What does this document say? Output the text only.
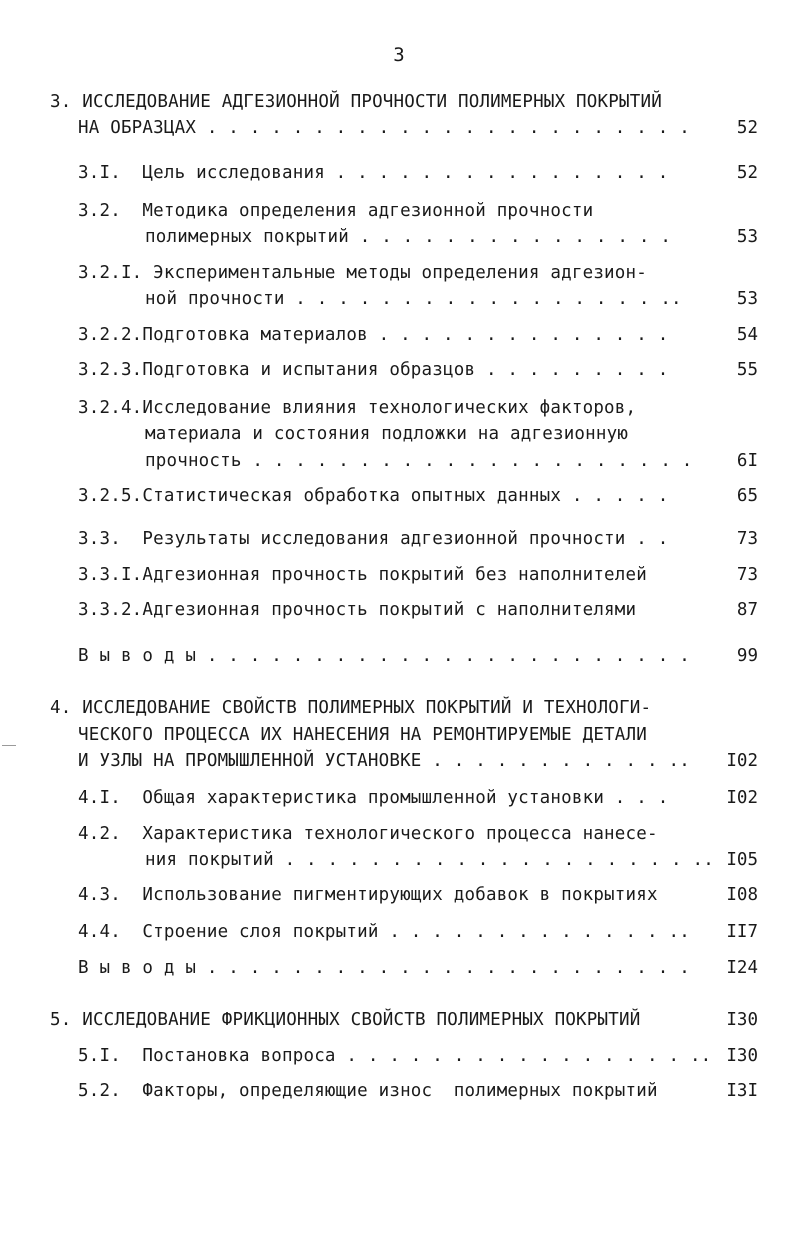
3
3. ИССЛЕДОВАНИЕ АДГЕЗИОННОЙ ПРОЧНОСТИ ПОЛИМЕРНЫХ ПОКРЫТИЙ
НА ОБРАЗЦАХ . . . . . . . . . . . . . . . . . . . . . . .	52
3.I.  Цель исследования . . . . . . . . . . . . . . . .	52
3.2.  Методика определения адгезионной прочности
полимерных покрытий . . . . . . . . . . . . . . .	53
3.2.I. Экспериментальные методы определения адгезион-
ной прочности . . . . . . . . . . . . . . . . . ..	53
3.2.2.Подготовка материалов . . . . . . . . . . . . . .	54
3.2.3.Подготовка и испытания образцов . . . . . . . . .	55
3.2.4.Исследование влияния технологических факторов,
материала и состояния подложки на адгезионную
прочность . . . . . . . . . . . . . . . . . . . . .	6I
3.2.5.Статистическая обработка опытных данных . . . . .	65
3.3.  Результаты исследования адгезионной прочности . .	73
3.3.I.Адгезионная прочность покрытий без наполнителей	73
3.3.2.Адгезионная прочность покрытий с наполнителями	87
В ы в о д ы . . . . . . . . . . . . . . . . . . . . . . .	99
4. ИССЛЕДОВАНИЕ СВОЙСТВ ПОЛИМЕРНЫХ ПОКРЫТИЙ И ТЕХНОЛОГИ-
ЧЕСКОГО ПРОЦЕССА ИХ НАНЕСЕНИЯ НА РЕМОНТИРУЕМЫЕ ДЕТАЛИ
И УЗЛЫ НА ПРОМЫШЛЕННОЙ УСТАНОВКЕ . . . . . . . . . . . .. I02
4.I.  Общая характеристика промышленной установки . . .	I02
4.2.  Характеристика технологического процесса нанесе-
ния покрытий . . . . . . . . . . . . . . . . . . . .. I05
4.3.  Использование пигментирующих добавок в покрытиях	I08
4.4.  Строение слоя покрытий . . . . . . . . . . . . . .. II7
В ы в о д ы . . . . . . . . . . . . . . . . . . . . . . . I24
5. ИССЛЕДОВАНИЕ ФРИКЦИОННЫХ СВОЙСТВ ПОЛИМЕРНЫХ ПОКРЫТИЙ	I30
5.I.  Постановка вопроса . . . . . . . . . . . . . . . . .. I30
5.2.  Факторы, определяющие износ  полимерных покрытий	I3I
